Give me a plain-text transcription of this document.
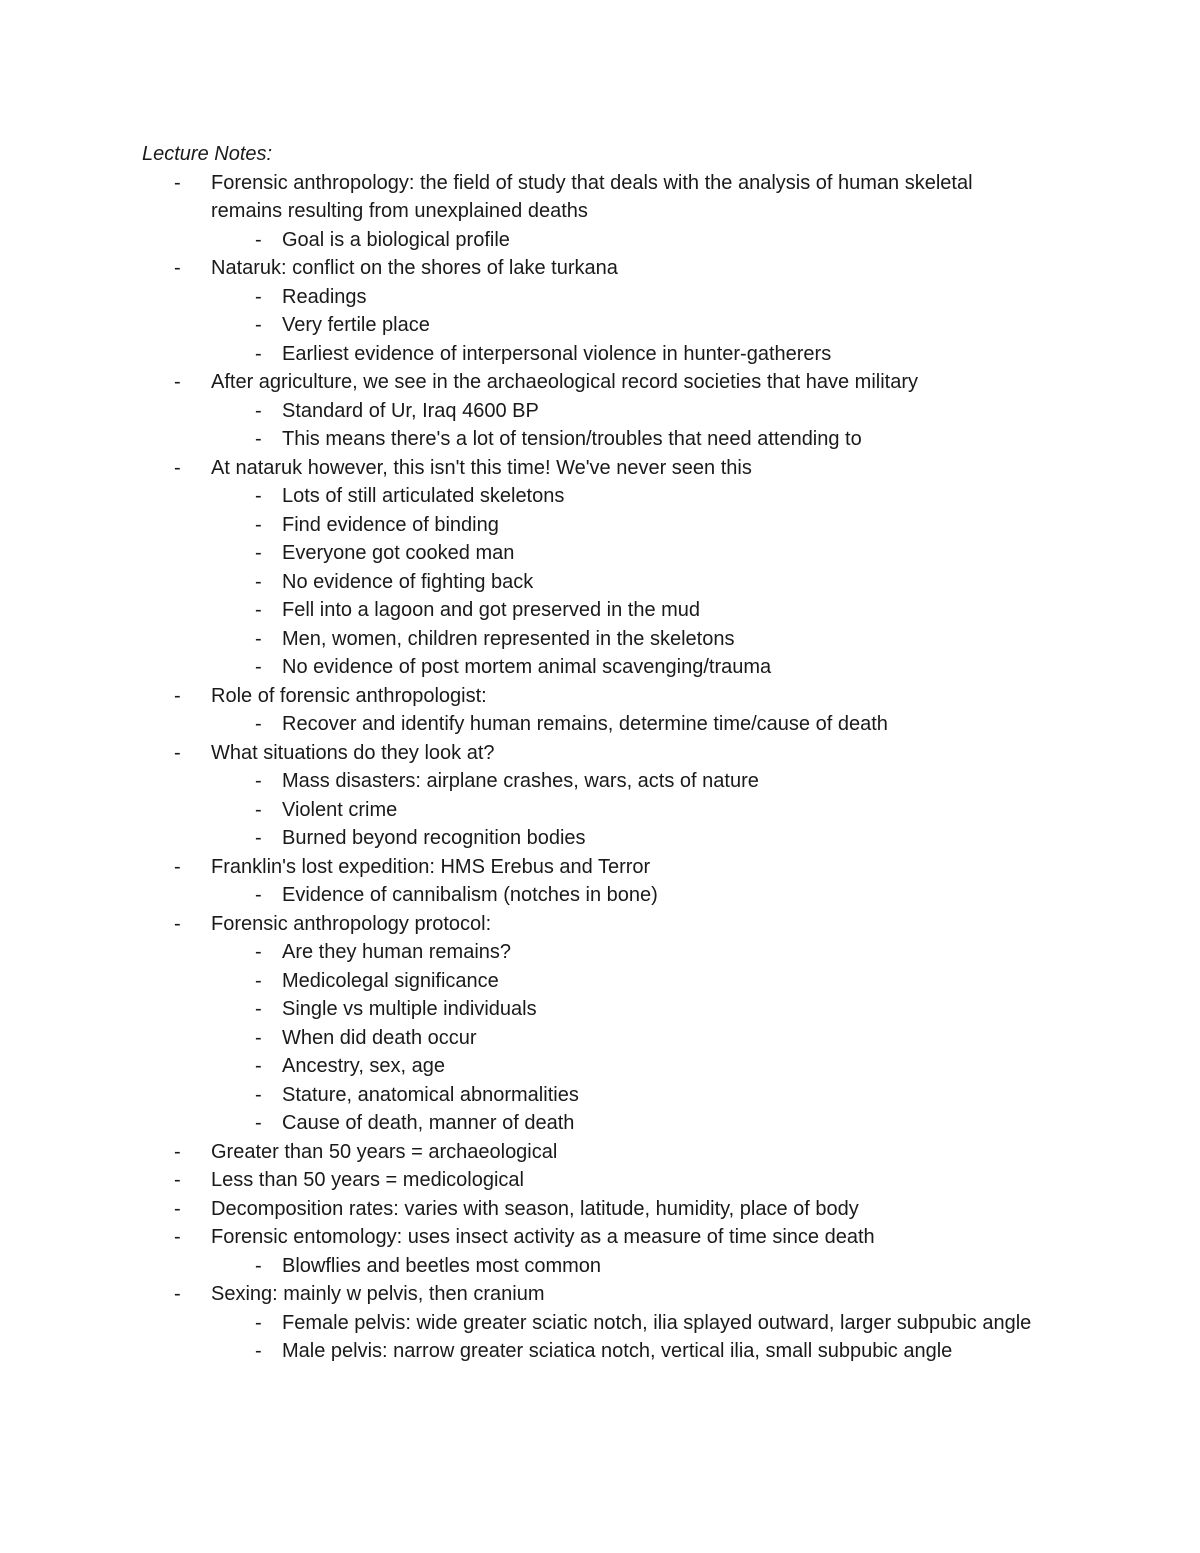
Lecture Notes:

- Forensic anthropology: the field of study that deals with the analysis of human skeletal remains resulting from unexplained deaths
- Goal is a biological profile
- Nataruk: conflict on the shores of lake turkana
- Readings
- Very fertile place
- Earliest evidence of interpersonal violence in hunter-gatherers
- After agriculture, we see in the archaeological record societies that have military
- Standard of Ur, Iraq 4600 BP
- This means there's a lot of tension/troubles that need attending to
- At nataruk however, this isn't this time! We've never seen this
- Lots of still articulated skeletons
- Find evidence of binding
- Everyone got cooked man
- No evidence of fighting back
- Fell into a lagoon and got preserved in the mud
- Men, women, children represented in the skeletons
- No evidence of post mortem animal scavenging/trauma
- Role of forensic anthropologist:
- Recover and identify human remains, determine time/cause of death
- What situations do they look at?
- Mass disasters: airplane crashes, wars, acts of nature
- Violent crime
- Burned beyond recognition bodies
- Franklin's lost expedition: HMS Erebus and Terror
- Evidence of cannibalism (notches in bone)
- Forensic anthropology protocol:
- Are they human remains?
- Medicolegal significance
- Single vs multiple individuals
- When did death occur
- Ancestry, sex, age
- Stature, anatomical abnormalities
- Cause of death, manner of death
- Greater than 50 years = archaeological
- Less than 50 years = medicological
- Decomposition rates: varies with season, latitude, humidity, place of body
- Forensic entomology: uses insect activity as a measure of time since death
- Blowflies and beetles most common
- Sexing: mainly w pelvis, then cranium
- Female pelvis: wide greater sciatic notch, ilia splayed outward, larger subpubic angle
- Male pelvis: narrow greater sciatica notch, vertical ilia, small subpubic angle
